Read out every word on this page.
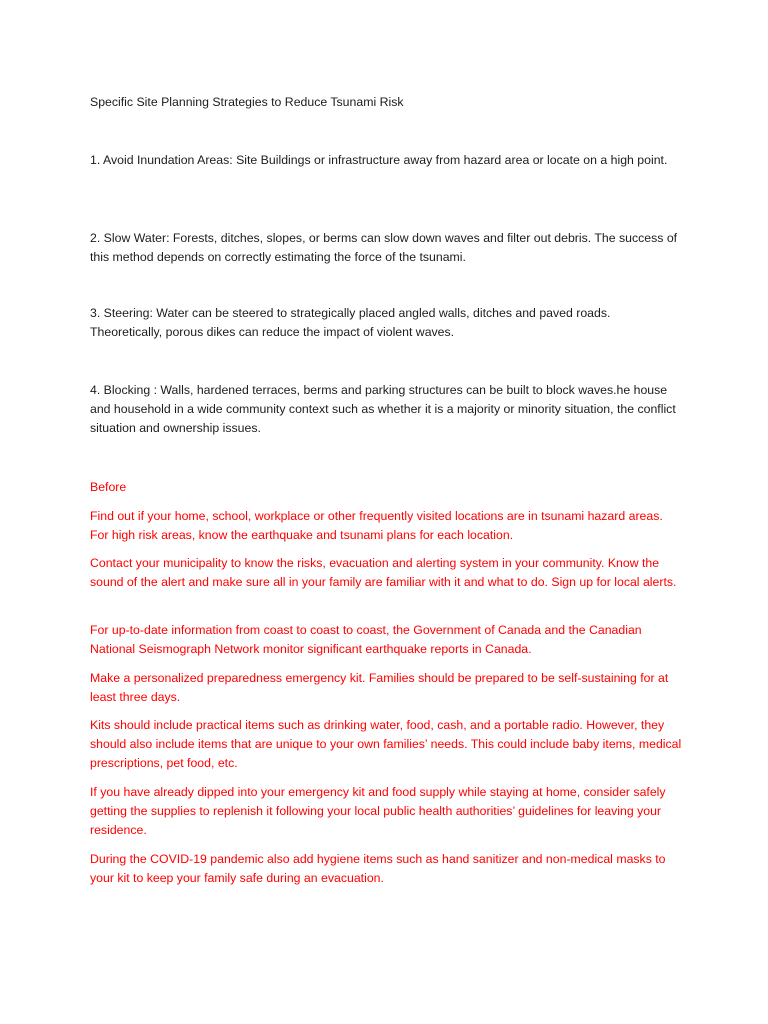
Specific Site Planning Strategies to Reduce Tsunami Risk

1. Avoid Inundation Areas: Site Buildings or infrastructure away from hazard area or locate on a high point.

2. Slow Water: Forests, ditches, slopes, or berms can slow down waves and filter out debris. The success of this method depends on correctly estimating the force of the tsunami.

3. Steering: Water can be steered to strategically placed angled walls, ditches and paved roads. Theoretically, porous dikes can reduce the impact of violent waves.

4. Blocking : Walls, hardened terraces, berms and parking structures can be built to block waves.he house and household in a wide community context such as whether it is a majority or minority situation, the conflict situation and ownership issues.

Before

Find out if your home, school, workplace or other frequently visited locations are in tsunami hazard areas. For high risk areas, know the earthquake and tsunami plans for each location.

Contact your municipality to know the risks, evacuation and alerting system in your community. Know the sound of the alert and make sure all in your family are familiar with it and what to do. Sign up for local alerts.

For up-to-date information from coast to coast to coast, the Government of Canada and the Canadian National Seismograph Network monitor significant earthquake reports in Canada.

Make a personalized preparedness emergency kit. Families should be prepared to be self-sustaining for at least three days.

Kits should include practical items such as drinking water, food, cash, and a portable radio. However, they should also include items that are unique to your own families’ needs. This could include baby items, medical prescriptions, pet food, etc.

If you have already dipped into your emergency kit and food supply while staying at home, consider safely getting the supplies to replenish it following your local public health authorities’ guidelines for leaving your residence.

During the COVID-19 pandemic also add hygiene items such as hand sanitizer and non-medical masks to your kit to keep your family safe during an evacuation.
